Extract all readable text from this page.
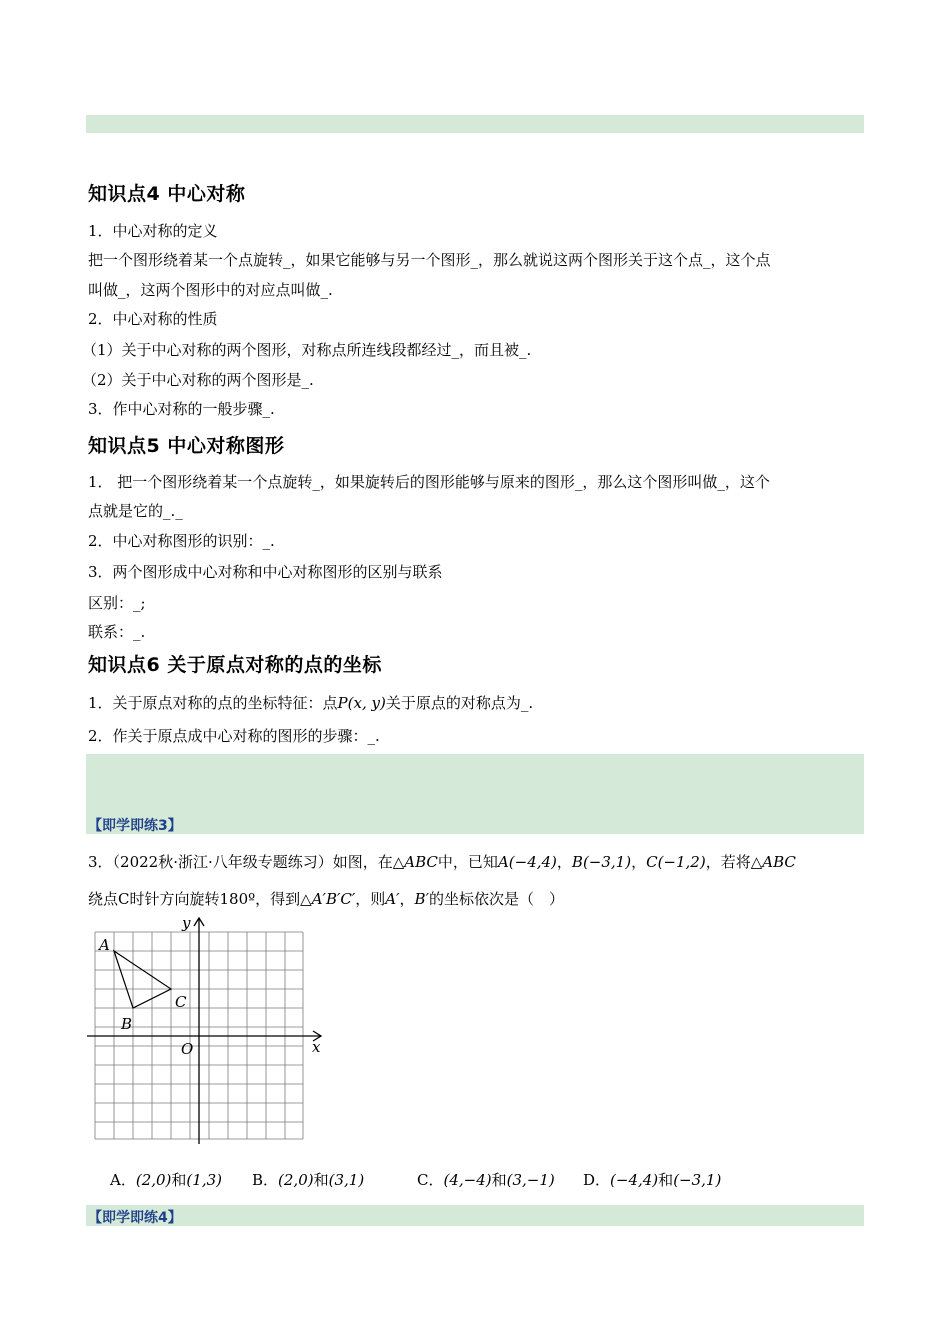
知识点4 中心对称
1．中心对称的定义
把一个图形绕着某一个点旋转_，如果它能够与另一个图形_，那么就说这两个图形关于这个点_，这个点
叫做_，这两个图形中的对应点叫做_.
2．中心对称的性质
（1）关于中心对称的两个图形，对称点所连线段都经过_，而且被_.
（2）关于中心对称的两个图形是_.
3．作中心对称的一般步骤_.
知识点5 中心对称图形
1． 把一个图形绕着某一个点旋转_，如果旋转后的图形能够与原来的图形_，那么这个图形叫做_，这个
点就是它的_._
2．中心对称图形的识别：_.
3．两个图形成中心对称和中心对称图形的区别与联系
区别：_;
联系：_.
知识点6 关于原点对称的点的坐标
1．关于原点对称的点的坐标特征：点P(x, y)关于原点的对称点为_.
2．作关于原点成中心对称的图形的步骤：_.
【即学即练3】
3．（2022秋·浙江·八年级专题练习）如图，在△ABC中，已知A(−4,4)，B(−3,1)，C(−1,2)，若将△ABC
绕点C时针方向旋转180º，得到△A′B′C′，则A′，B′的坐标依次是（　）
x
y
O
A
B
C
A．(2,0)和(1,3) B．(2,0)和(3,1)	C．(4,−4)和(3,−1) D．(−4,4)和(−3,1)
【即学即练4】
